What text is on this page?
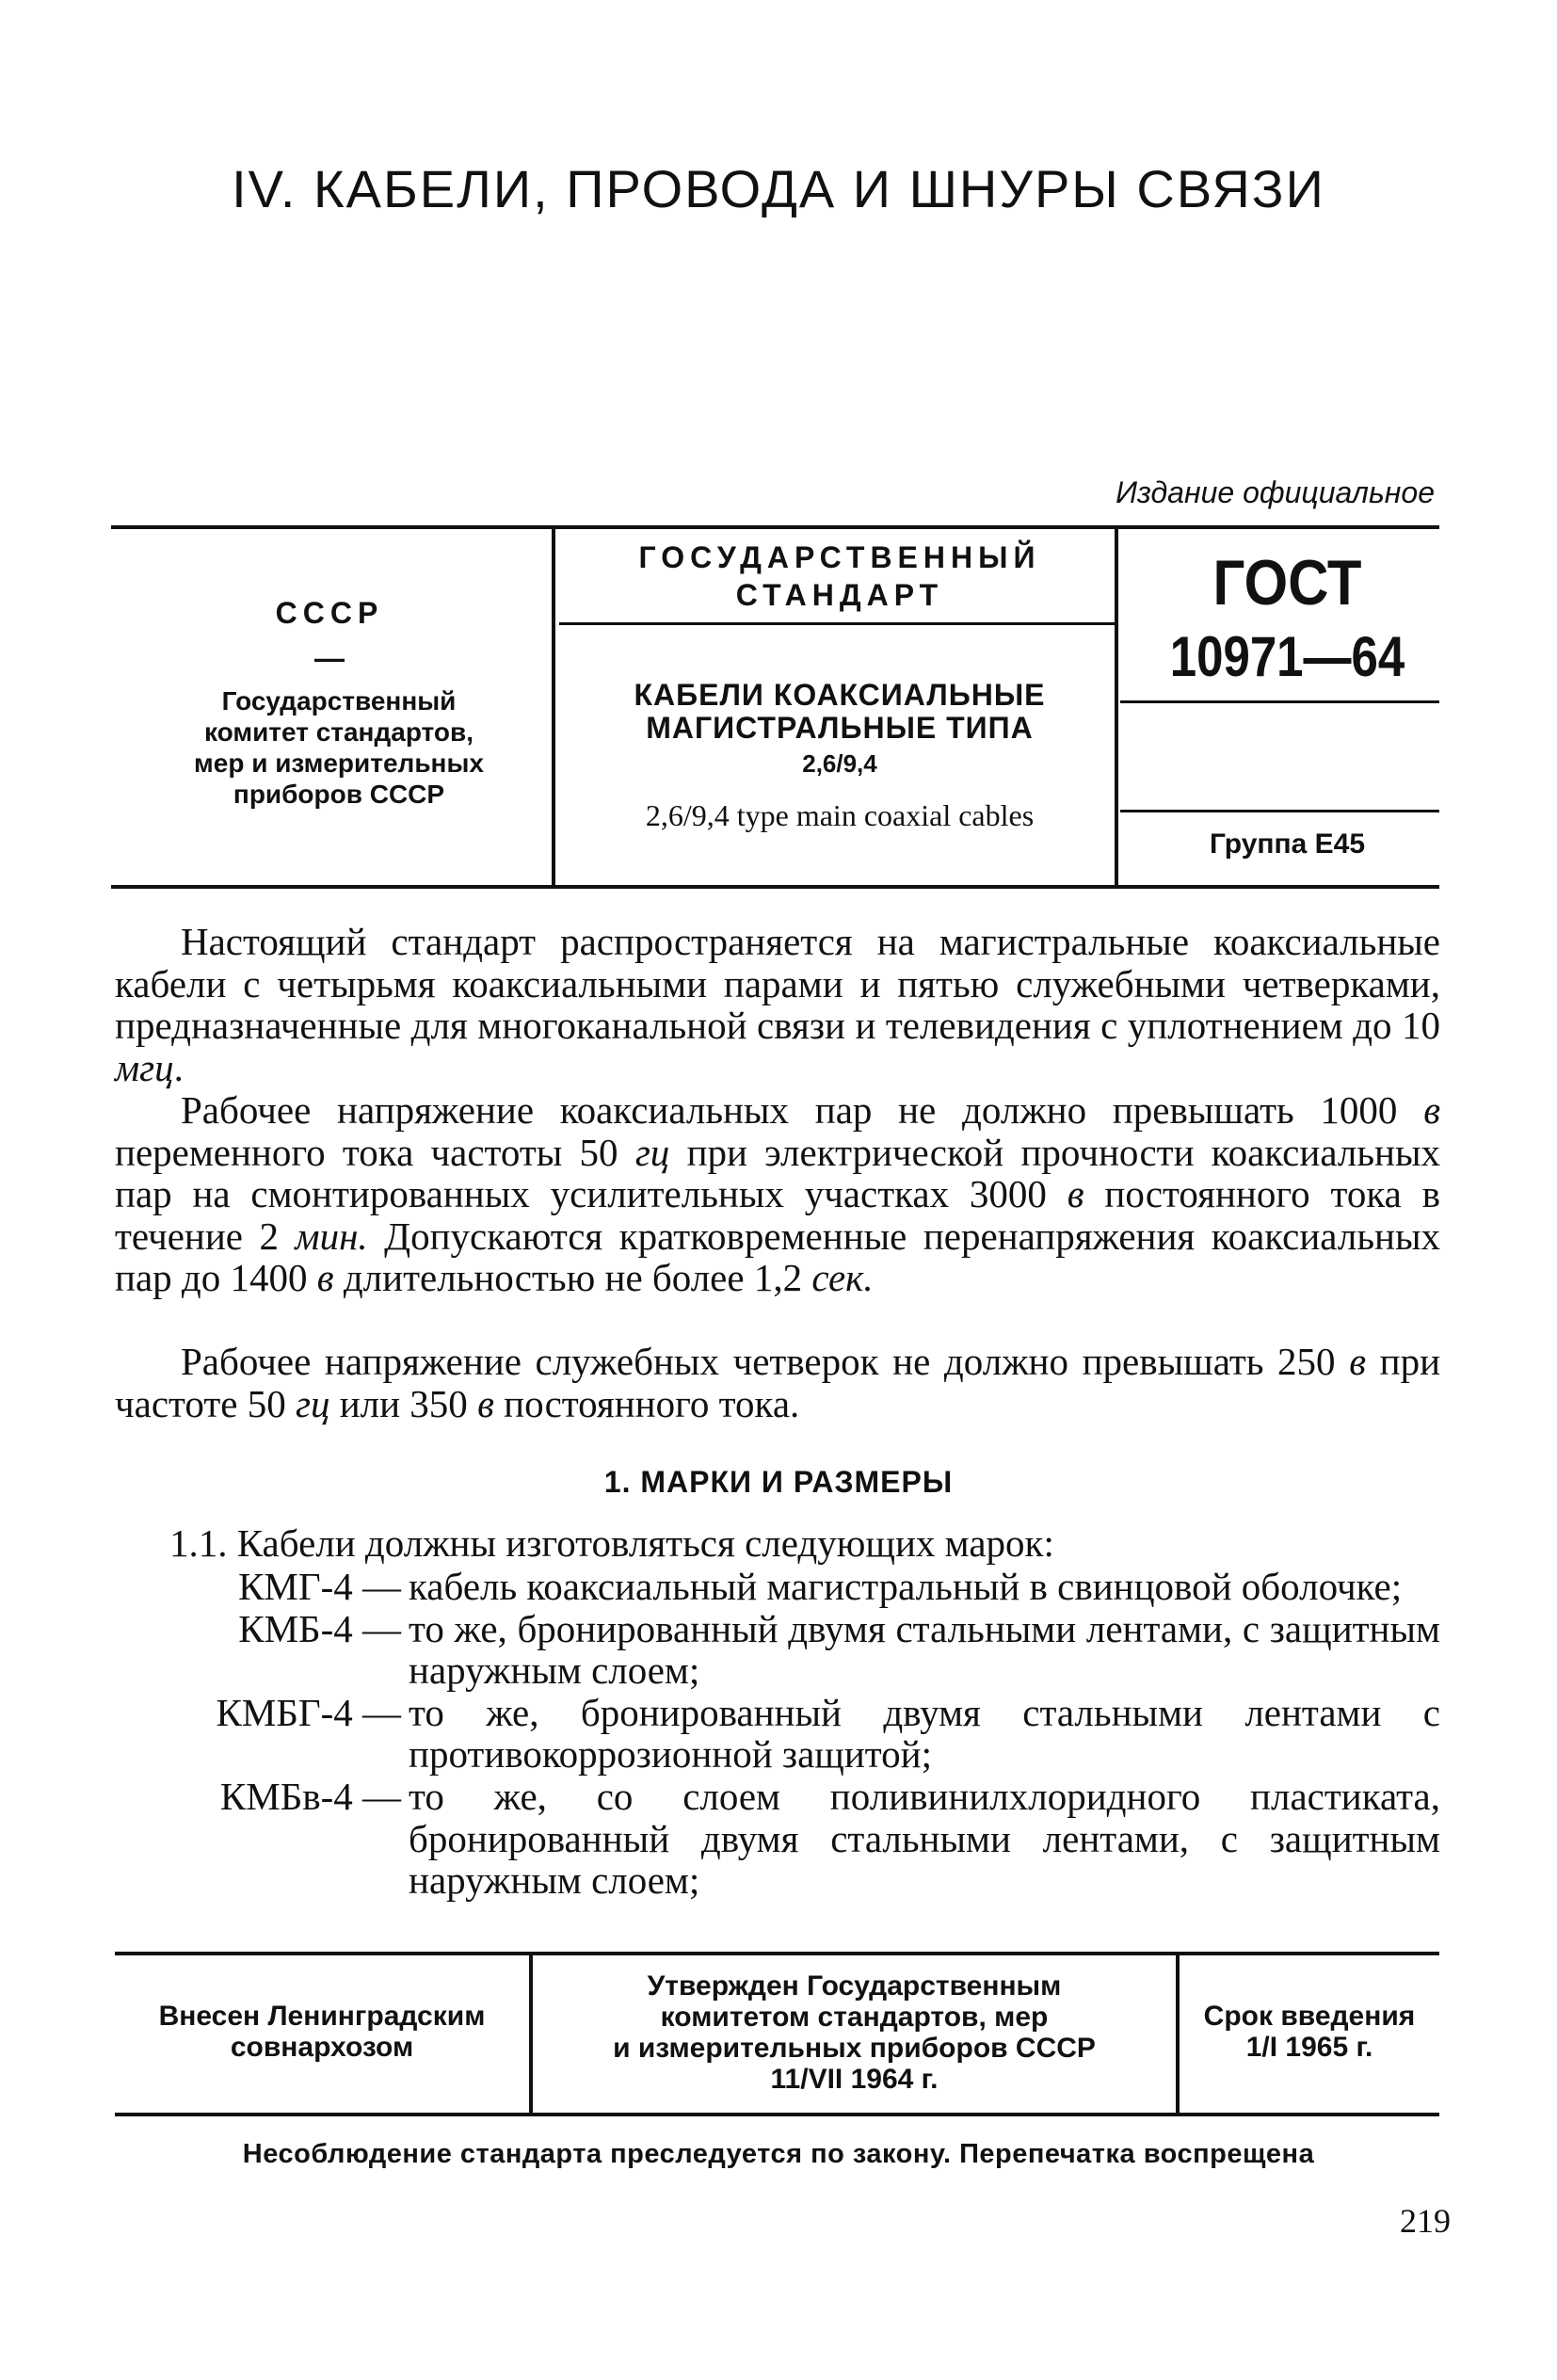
IV. КАБЕЛИ, ПРОВОДА И ШНУРЫ СВЯЗИ
Издание официальное
СССР
—
Государственный
комитет стандартов,
мер и измерительных
приборов СССР
ГОСУДАРСТВЕННЫЙ
СТАНДАРТ
КАБЕЛИ КОАКСИАЛЬНЫЕ
МАГИСТРАЛЬНЫЕ ТИПА
2,6/9,4
2,6/9,4 type main coaxial cables
ГОСТ
10971—64
Группа Е45

Настоящий стандарт распространяется на магистральные коаксиальные кабели с четырьмя коаксиальными парами и пятью служебными четверками, предназначенные для многоканальной связи и телевидения с уплотнением до 10 мгц.

Рабочее напряжение коаксиальных пар не должно превышать 1000 в переменного тока частоты 50 гц при электрической прочности коаксиальных пар на смонтированных усилительных участках 3000 в постоянного тока в течение 2 мин. Допускаются кратковременные перенапряжения коаксиальных пар до 1400 в длительностью не более 1,2 сек.

Рабочее напряжение служебных четверок не должно превышать 250 в при частоте 50 гц или 350 в постоянного тока.

1. МАРКИ И РАЗМЕРЫ
1.1. Кабели должны изготовляться следующих марок:
КМГ-4 — кабель коаксиальный магистральный в свинцовой оболочке;
КМБ-4 — то же, бронированный двумя стальными лентами, с защитным наружным слоем;
КМБГ-4 — то же, бронированный двумя стальными лентами с противокоррозионной защитой;
КМБв-4 — то же, со слоем поливинилхлоридного пластиката, бронированный двумя стальными лентами, с защитным наружным слоем;
Внесен Ленинградским
совнархозом
Утвержден Государственным
комитетом стандартов, мер
и измерительных приборов СССР
11/VII 1964 г.
Срок введения
1/I 1965 г.
Несоблюдение стандарта преследуется по закону. Перепечатка воспрещена
219
